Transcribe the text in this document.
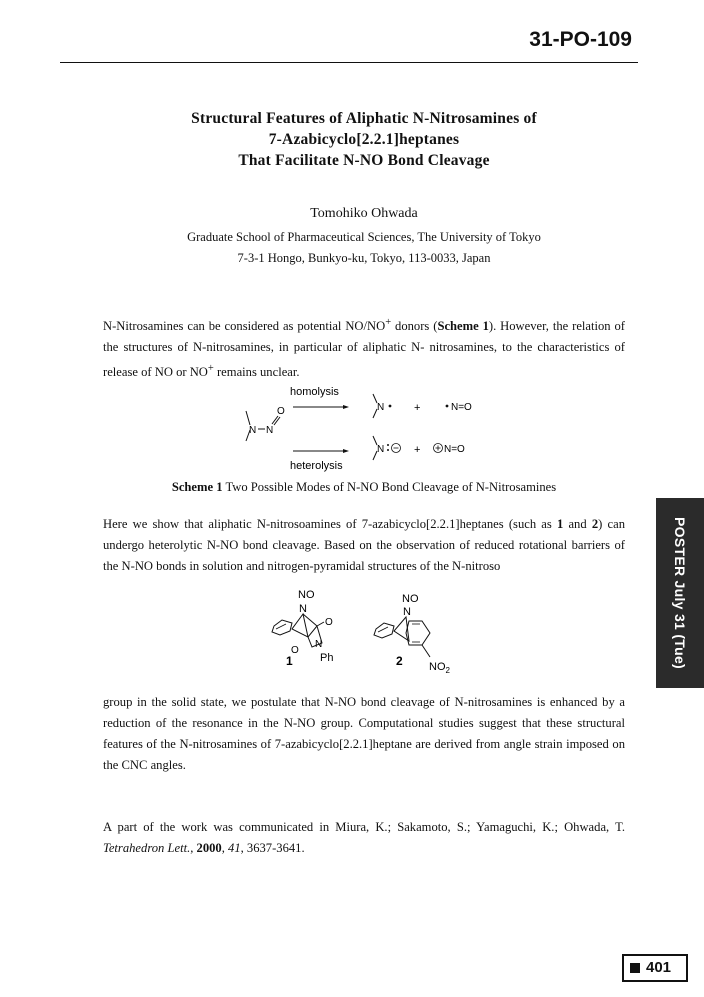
31-PO-109
Structural Features of Aliphatic N-Nitrosamines of
7-Azabicyclo[2.2.1]heptanes
That Facilitate N-NO Bond Cleavage
Tomohiko Ohwada
Graduate School of Pharmaceutical Sciences, The University of Tokyo
7-3-1 Hongo, Bunkyo-ku, Tokyo, 113-0033, Japan

N-Nitrosamines can be considered as potential NO/NO+ donors (Scheme 1). However, the relation of the structures of N-nitrosamines, in particular of aliphatic N- nitrosamines, to the characteristics of release of NO or NO+ remains unclear.

N N
O
homolysis
heterolysis
N	+	N=O
N	+ N=O
Scheme 1 Two Possible Modes of N-NO Bond Cleavage of N-Nitrosamines

Here we show that aliphatic N-nitrosoamines of 7-azabicyclo[2.2.1]heptanes (such as 1 and 2) can undergo heterolytic N-NO bond cleavage. Based on the observation of reduced rotational barriers of the N-NO bonds in solution and nitrogen-pyramidal structures of the N-nitroso

NO
N
O
O
N
Ph
1
NO
N
$NO_2$
2

group in the solid state, we postulate that N-NO bond cleavage of N-nitrosamines is enhanced by a reduction of the resonance in the N-NO group. Computational studies suggest that these structural features of the N-nitrosamines of 7-azabicyclo[2.2.1]heptane are derived from angle strain imposed on the CNC angles.

A part of the work was communicated in Miura, K.; Sakamoto, S.; Yamaguchi, K.; Ohwada, T. Tetrahedron Lett., 2000, 41, 3637-3641.

POSTER July 31 (Tue)
401
